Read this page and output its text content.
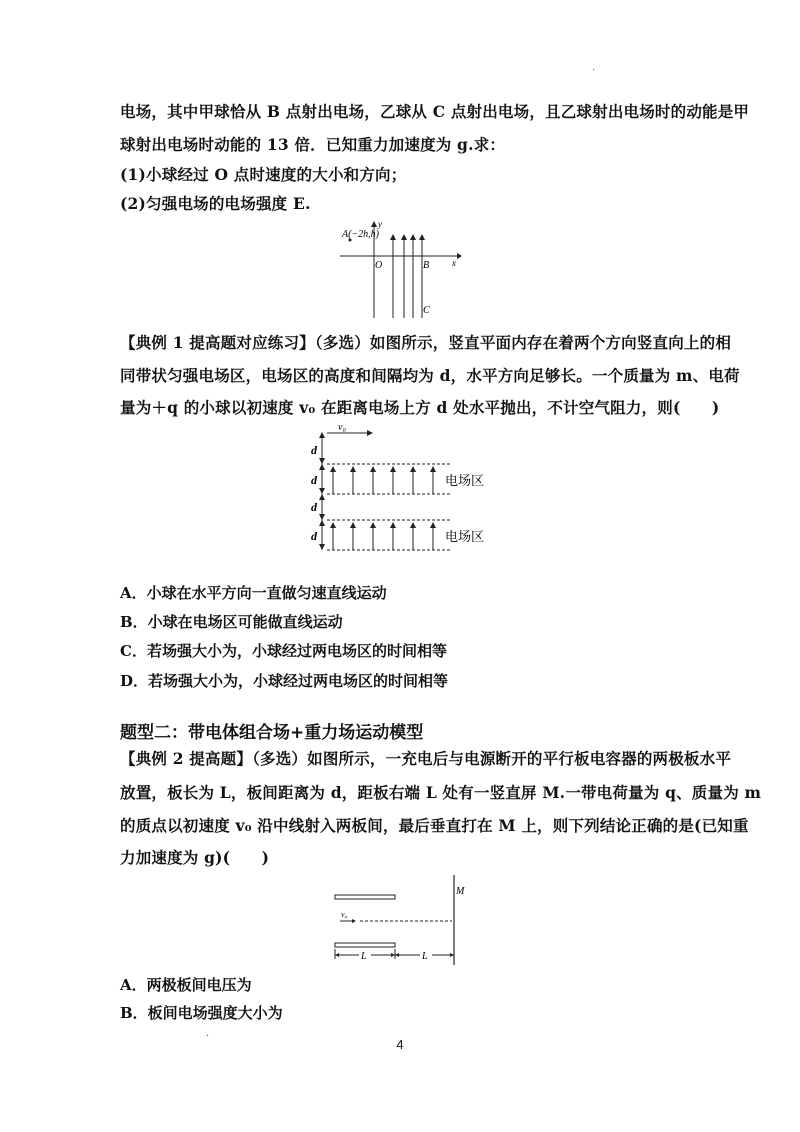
.
电场，其中甲球恰从 B 点射出电场，乙球从 C 点射出电场，且乙球射出电场时的动能是甲
球射出电场时动能的 13 倍．已知重力加速度为 g.求：
(1)小球经过 O 点时速度的大小和方向；
(2)匀强电场的电场强度 E.
A(−2h,h)
y
O	B	x
C
【典例 1 提高题对应练习】（多选）如图所示，竖直平面内存在着两个方向竖直向上的相
同带状匀强电场区，电场区的高度和间隔均为 d，水平方向足够长。一个质量为 m、电荷
量为＋q 的小球以初速度 v₀ 在距离电场上方 d 处水平抛出，不计空气阻力，则(　　)
v₀
d
d
d
d
电场区
电场区
A．小球在水平方向一直做匀速直线运动
B．小球在电场区可能做直线运动
C．若场强大小为，小球经过两电场区的时间相等
D．若场强大小为，小球经过两电场区的时间相等
题型二：带电体组合场+重力场运动模型
【典例 2 提高题】（多选）如图所示，一充电后与电源断开的平行板电容器的两极板水平
放置，板长为 L，板间距离为 d，距板右端 L 处有一竖直屏 M.一带电荷量为 q、质量为 m
的质点以初速度 v₀ 沿中线射入两板间，最后垂直打在 M 上，则下列结论正确的是(已知重
力加速度为 g)(　　)
v₀
M
L	L
A．两极板间电压为
B．板间电场强度大小为
.
4
